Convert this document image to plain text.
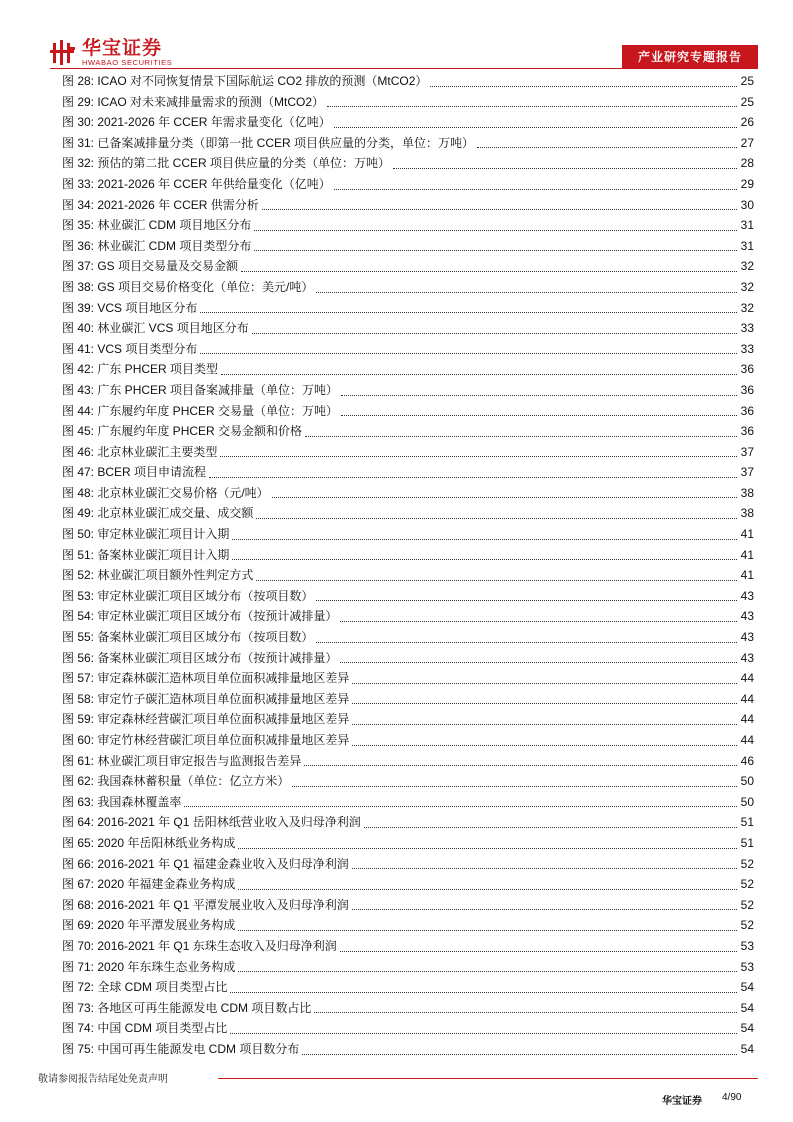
华宝证券
HWABAO SECURITIES	产业研究专题报告
图 28: ICAO 对不同恢复情景下国际航运 CO2 排放的预测（MtCO2）	25
图 29: ICAO 对未来减排量需求的预测（MtCO2）	25
图 30: 2021-2026 年 CCER 年需求量变化（亿吨）	26
图 31: 已备案减排量分类（即第一批 CCER 项目供应量的分类，单位：万吨）	27
图 32: 预估的第二批 CCER 项目供应量的分类（单位：万吨）	28
图 33: 2021-2026 年 CCER 年供给量变化（亿吨）	29
图 34: 2021-2026 年 CCER 供需分析	30
图 35: 林业碳汇 CDM 项目地区分布	31
图 36: 林业碳汇 CDM 项目类型分布	31
图 37: GS 项目交易量及交易金额	32
图 38: GS 项目交易价格变化（单位：美元/吨）	32
图 39: VCS 项目地区分布	32
图 40: 林业碳汇 VCS 项目地区分布	33
图 41: VCS 项目类型分布	33
图 42: 广东 PHCER 项目类型	36
图 43: 广东 PHCER 项目备案减排量（单位：万吨）	36
图 44: 广东履约年度 PHCER 交易量（单位：万吨）	36
图 45: 广东履约年度 PHCER 交易金额和价格	36
图 46: 北京林业碳汇主要类型	37
图 47: BCER 项目申请流程	37
图 48: 北京林业碳汇交易价格（元/吨）	38
图 49: 北京林业碳汇成交量、成交额	38
图 50: 审定林业碳汇项目计入期	41
图 51: 备案林业碳汇项目计入期	41
图 52: 林业碳汇项目额外性判定方式	41
图 53: 审定林业碳汇项目区域分布（按项目数）	43
图 54: 审定林业碳汇项目区域分布（按预计减排量）	43
图 55: 备案林业碳汇项目区域分布（按项目数）	43
图 56: 备案林业碳汇项目区域分布（按预计减排量）	43
图 57: 审定森林碳汇造林项目单位面积减排量地区差异	44
图 58: 审定竹子碳汇造林项目单位面积减排量地区差异	44
图 59: 审定森林经营碳汇项目单位面积减排量地区差异	44
图 60: 审定竹林经营碳汇项目单位面积减排量地区差异	44
图 61: 林业碳汇项目审定报告与监测报告差异	46
图 62: 我国森林蓄积量（单位：亿立方米）	50
图 63: 我国森林覆盖率	50
图 64: 2016-2021 年 Q1 岳阳林纸营业收入及归母净利润	51
图 65: 2020 年岳阳林纸业务构成	51
图 66: 2016-2021 年 Q1 福建金森业收入及归母净利润	52
图 67: 2020 年福建金森业务构成	52
图 68: 2016-2021 年 Q1 平潭发展业收入及归母净利润	52
图 69: 2020 年平潭发展业务构成	52
图 70: 2016-2021 年 Q1 东珠生态收入及归母净利润	53
图 71: 2020 年东珠生态业务构成	53
图 72: 全球 CDM 项目类型占比	54
图 73: 各地区可再生能源发电 CDM 项目数占比	54
图 74: 中国 CDM 项目类型占比	54
图 75: 中国可再生能源发电 CDM 项目数分布	54
敬请参阅报告结尾处免责声明
华宝证券 4/90
